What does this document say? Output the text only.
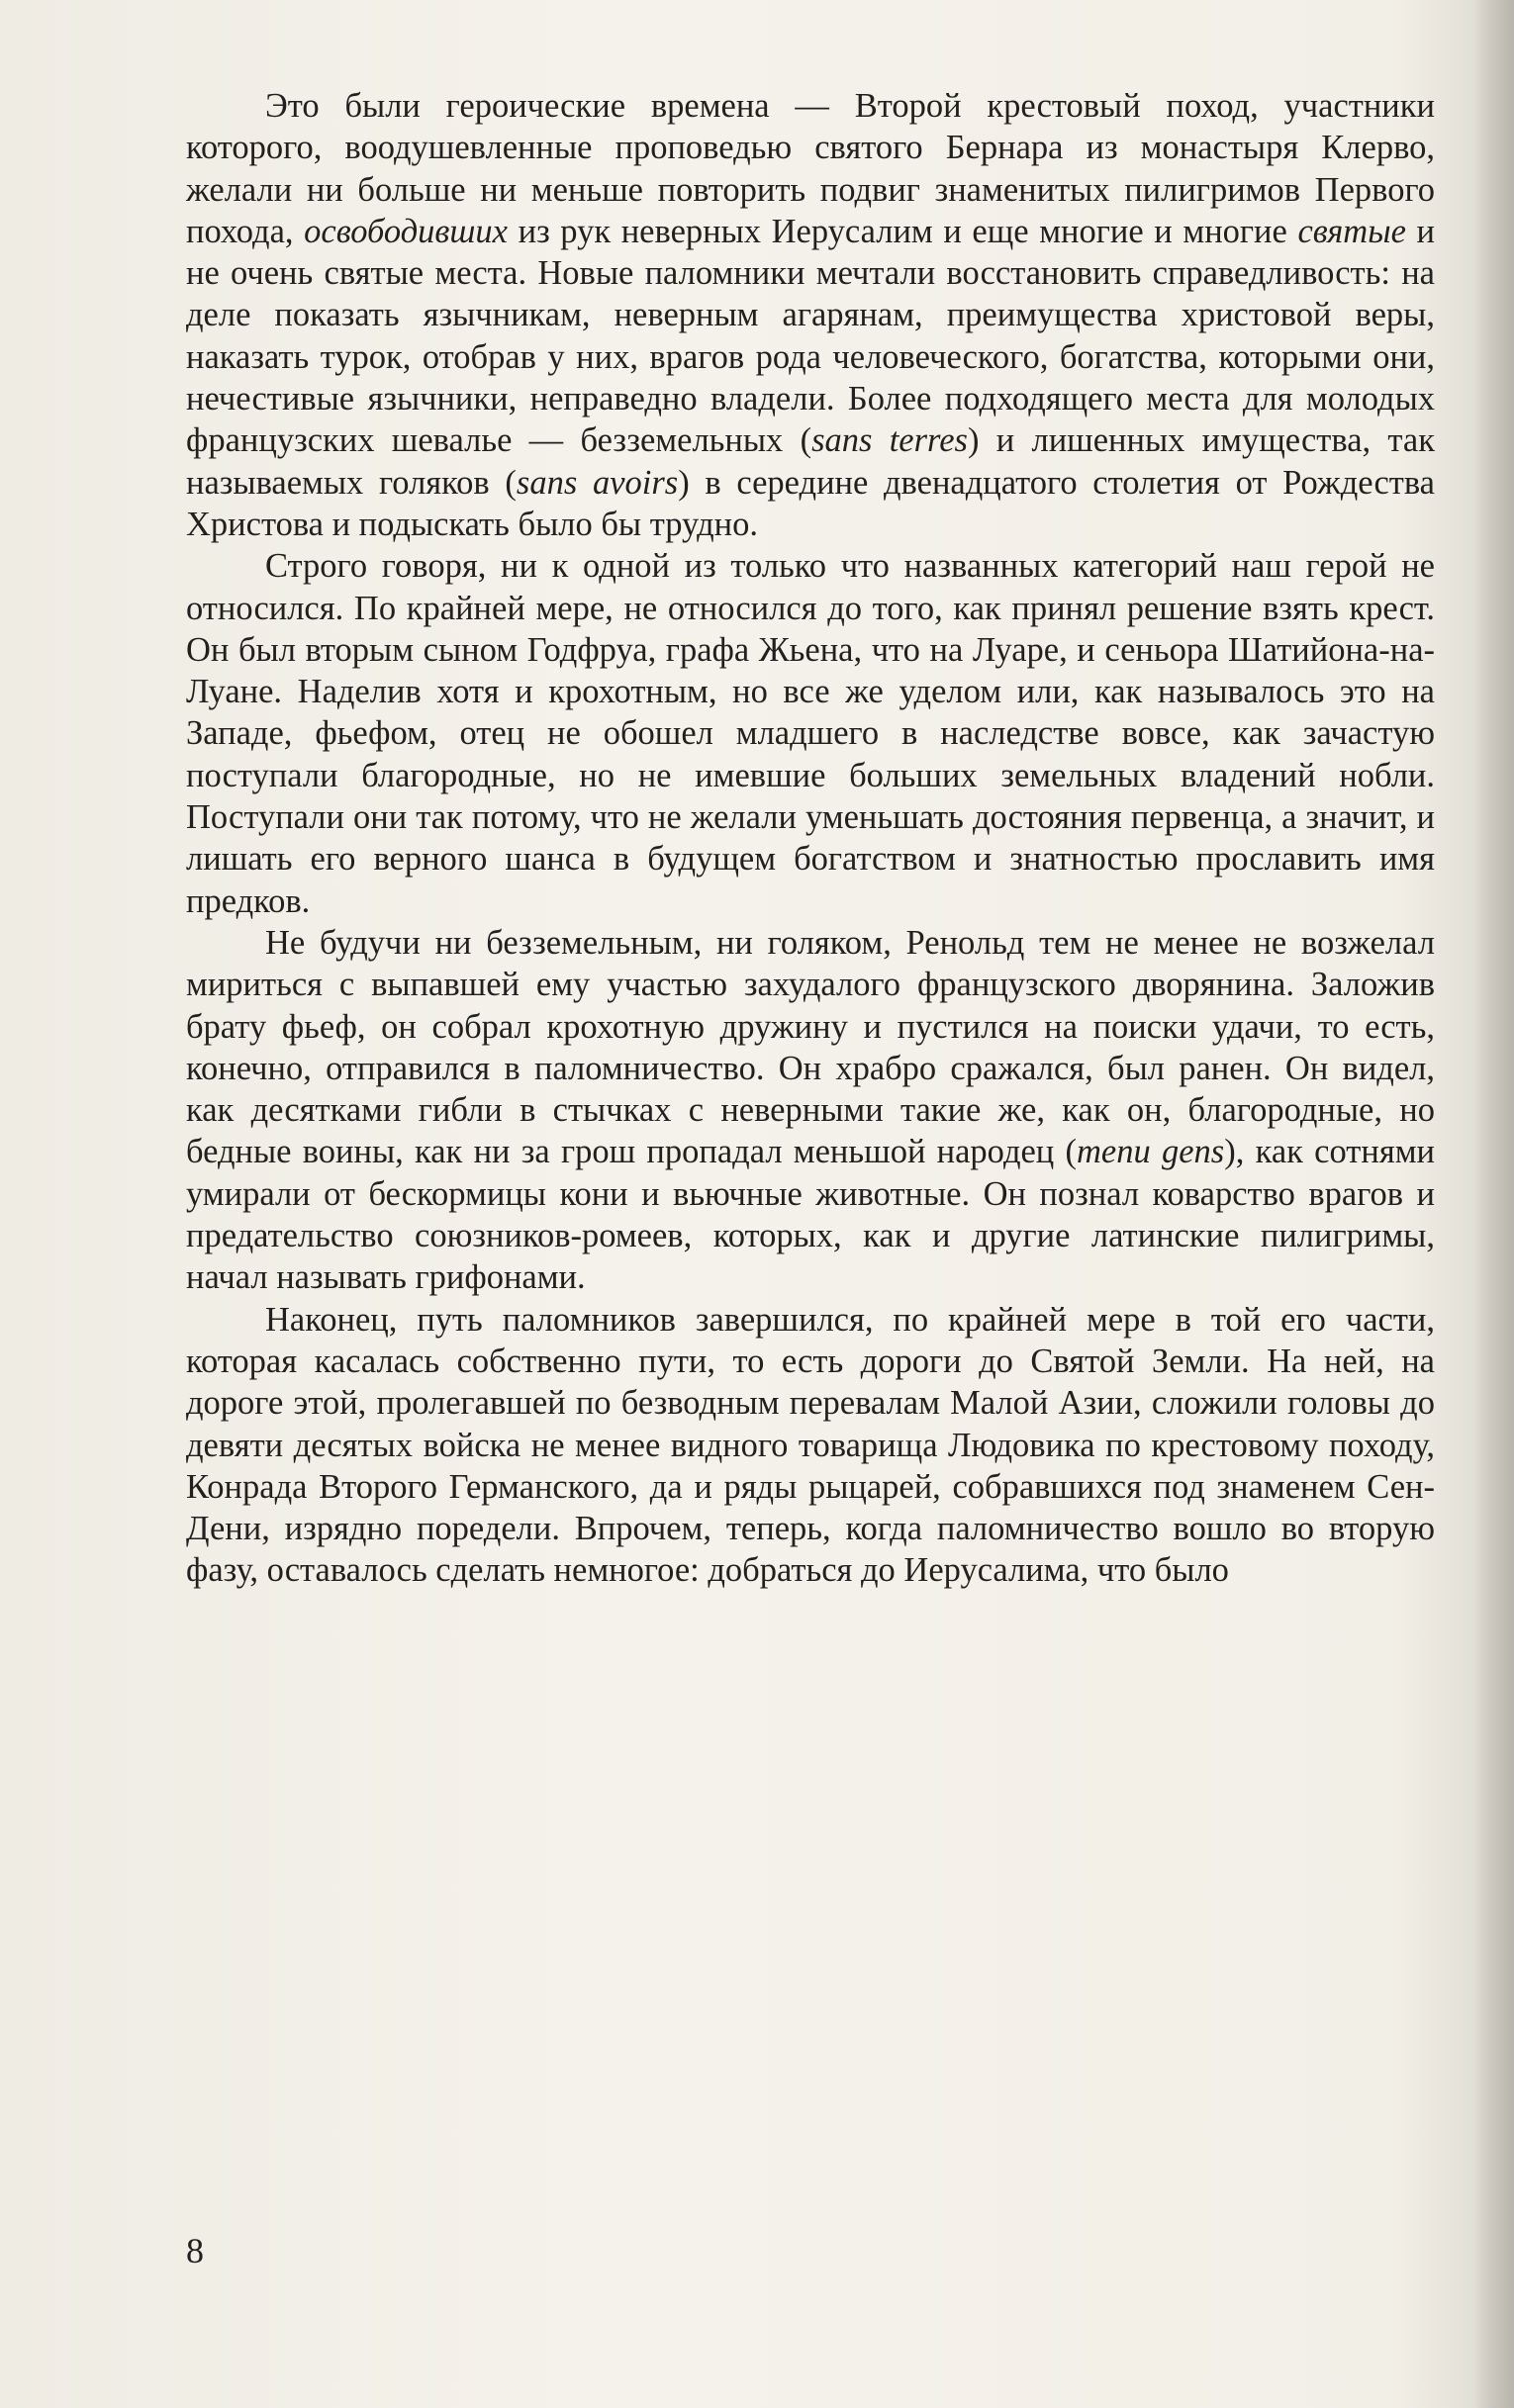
Это были героические времена — Второй крестовый поход, участники которого, воодушевленные проповедью святого Бернара из монастыря Клерво, желали ни больше ни меньше повторить подвиг знаменитых пилигримов Первого похода, освободивших из рук неверных Иерусалим и еще многие и многие святые и не очень святые места. Новые паломники мечтали восстановить справедливость: на деле показать язычникам, неверным агарянам, преимущества христовой веры, наказать турок, отобрав у них, врагов рода человеческого, богатства, которыми они, нечестивые язычники, неправедно владели. Более подходящего места для молодых французских шевалье — безземельных (sans terres) и лишенных имущества, так называемых голяков (sans avoirs) в середине двенадцатого столетия от Рождества Христова и подыскать было бы трудно.

Строго говоря, ни к одной из только что названных категорий наш герой не относился. По крайней мере, не относился до того, как принял решение взять крест. Он был вторым сыном Годфруа, графа Жьена, что на Луаре, и сеньора Шатийона-на-Луане. Наделив хотя и крохотным, но все же уделом или, как называлось это на Западе, фьефом, отец не обошел младшего в наследстве вовсе, как зачастую поступали благородные, но не имевшие больших земельных владений нобли. Поступали они так потому, что не желали уменьшать достояния первенца, а значит, и лишать его верного шанса в будущем богатством и знатностью прославить имя предков.

Не будучи ни безземельным, ни голяком, Ренольд тем не менее не возжелал мириться с выпавшей ему участью захудалого французского дворянина. Заложив брату фьеф, он собрал крохотную дружину и пустился на поиски удачи, то есть, конечно, отправился в паломничество. Он храбро сражался, был ранен. Он видел, как десятками гибли в стычках с неверными такие же, как он, благородные, но бедные воины, как ни за грош пропадал меньшой народец (menu gens), как сотнями умирали от бескормицы кони и вьючные животные. Он познал коварство врагов и предательство союзников-ромеев, которых, как и другие латинские пилигримы, начал называть грифонами.

Наконец, путь паломников завершился, по крайней мере в той его части, которая касалась собственно пути, то есть дороги до Святой Земли. На ней, на дороге этой, пролегавшей по безводным перевалам Малой Азии, сложили головы до девяти десятых войска не менее видного товарища Людовика по крестовому походу, Конрада Второго Германского, да и ряды рыцарей, собравшихся под знаменем Сен-Дени, изрядно поредели. Впрочем, теперь, когда паломничество вошло во вторую фазу, оставалось сделать немногое: добраться до Иерусалима, что было

8
